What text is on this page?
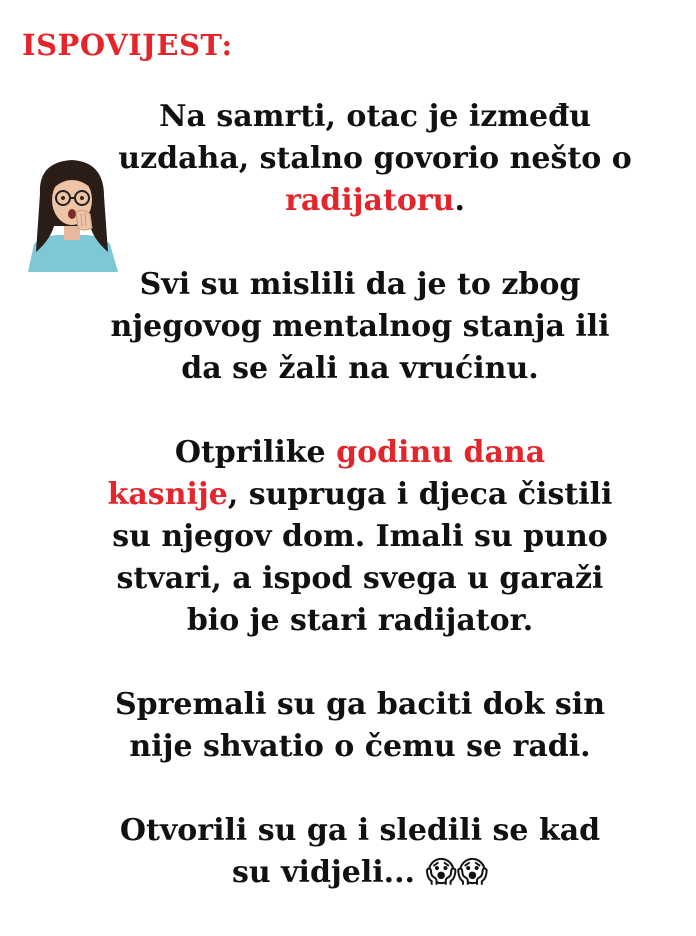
ISPOVIJEST:

Na samrti, otac je između
uzdaha, stalno govorio nešto o
radijatoru.

Svi su mislili da je to zbog
njegovog mentalnog stanja ili
da se žali na vrućinu.

Otprilike godinu dana
kasnije, supruga i djeca čistili
su njegov dom. Imali su puno
stvari, a ispod svega u garaži
bio je stari radijator.

Spremali su ga baciti dok sin
nije shvatio o čemu se radi.

Otvorili su ga i sledili se kad
su vidjeli... 😱😱
